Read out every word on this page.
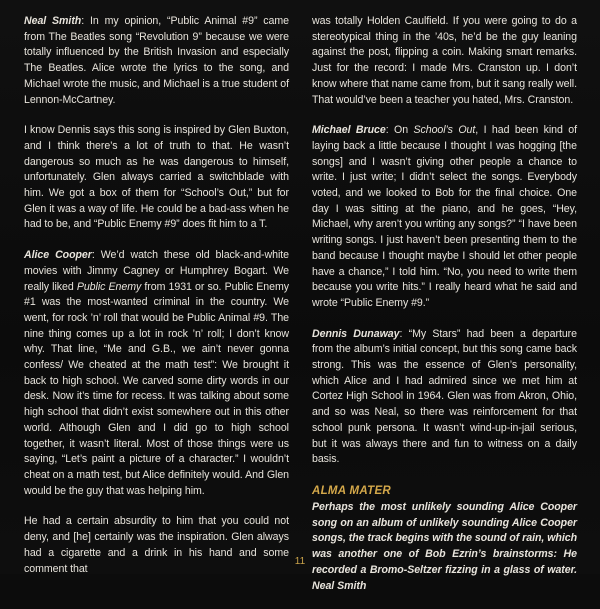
Neal Smith: In my opinion, “Public Animal #9” came from The Beatles song “Revolution 9” because we were totally influenced by the British Invasion and especially The Beatles. Alice wrote the lyrics to the song, and Michael wrote the music, and Michael is a true student of Lennon-McCartney.

I know Dennis says this song is inspired by Glen Buxton, and I think there’s a lot of truth to that. He wasn’t dangerous so much as he was dangerous to himself, unfortunately. Glen always carried a switchblade with him. We got a box of them for “School’s Out,” but for Glen it was a way of life. He could be a bad-ass when he had to be, and “Public Enemy #9” does fit him to a T.

Alice Cooper: We’d watch these old black-and-white movies with Jimmy Cagney or Humphrey Bogart. We really liked Public Enemy from 1931 or so. Public Enemy #1 was the most-wanted criminal in the country. We went, for rock ’n’ roll that would be Public Animal #9. The nine thing comes up a lot in rock ’n’ roll; I don’t know why. That line, “Me and G.B., we ain’t never gonna confess/ We cheated at the math test”: We brought it back to high school. We carved some dirty words in our desk. Now it’s time for recess. It was talking about some high school that didn’t exist somewhere out in this other world. Although Glen and I did go to high school together, it wasn’t literal. Most of those things were us saying, “Let’s paint a picture of a character.” I wouldn’t cheat on a math test, but Alice definitely would. And Glen would be the guy that was helping him.

He had a certain absurdity to him that you could not deny, and [he] certainly was the inspiration. Glen always had a cigarette and a drink in his hand and some comment that

was totally Holden Caulfield. If you were going to do a stereotypical thing in the ’40s, he’d be the guy leaning against the post, flipping a coin. Making smart remarks. Just for the record: I made Mrs. Cranston up. I don’t know where that name came from, but it sang really well. That would’ve been a teacher you hated, Mrs. Cranston.

Michael Bruce: On School’s Out, I had been kind of laying back a little because I thought I was hogging [the songs] and I wasn’t giving other people a chance to write. I just write; I didn’t select the songs. Everybody voted, and we looked to Bob for the final choice. One day I was sitting at the piano, and he goes, “Hey, Michael, why aren’t you writing any songs?” “I have been writing songs. I just haven’t been presenting them to the band because I thought maybe I should let other people have a chance,” I told him. “No, you need to write them because you write hits.” I really heard what he said and wrote “Public Enemy #9.”

Dennis Dunaway: “My Stars” had been a departure from the album’s initial concept, but this song came back strong. This was the essence of Glen’s personality, which Alice and I had admired since we met him at Cortez High School in 1964. Glen was from Akron, Ohio, and so was Neal, so there was reinforcement for that school punk persona. It wasn’t wind-up-in-jail serious, but it was always there and fun to witness on a daily basis.

ALMA MATER

Perhaps the most unlikely sounding Alice Cooper song on an album of unlikely sounding Alice Cooper songs, the track begins with the sound of rain, which was another one of Bob Ezrin’s brainstorms: He recorded a Bromo-Seltzer fizzing in a glass of water. Neal Smith

11
